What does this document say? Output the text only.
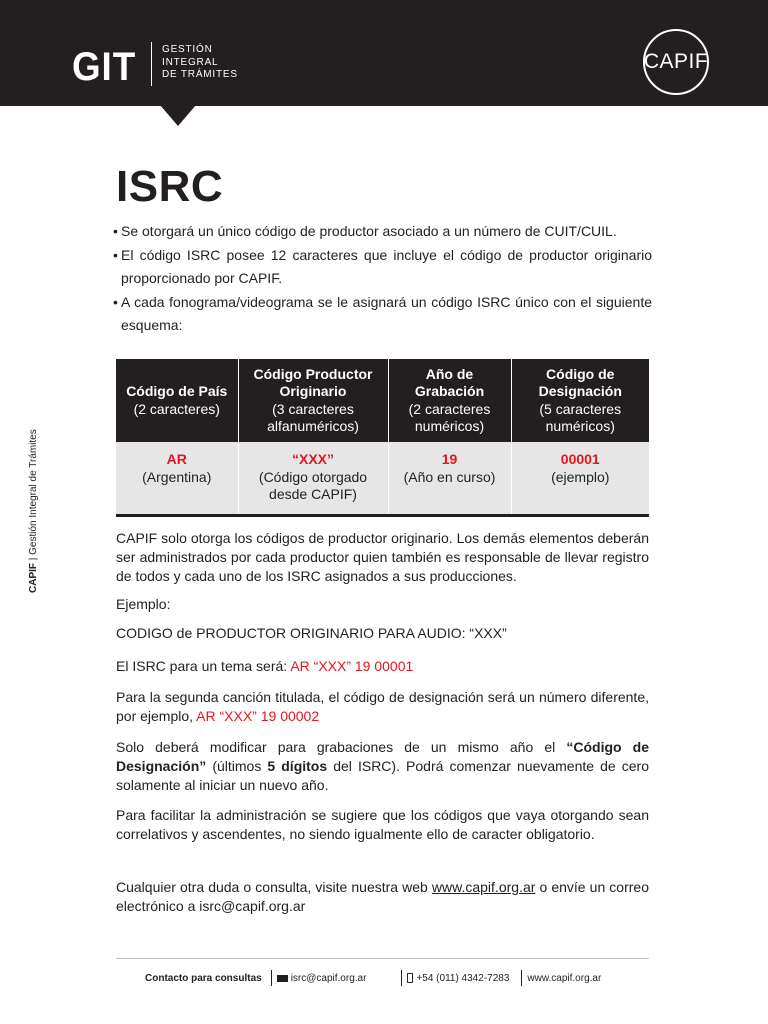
GIT	GESTIÓN
INTEGRAL
DE TRÁMITES
CAPIF
CAPIF | Gestión Integral de Trámites
ISRC
• Se otorgará un único código de productor asociado a un número de CUIT/CUIL.
• El código ISRC posee 12 caracteres que incluye el código de productor originario proporcionado por CAPIF.
• A cada fonograma/videograma se le asignará un código ISRC único con el siguiente esquema:
Código de País
(2 caracteres)	Código Productor Originario
(3 caracteres alfanuméricos)	Año de Grabación
(2 caracteres numéricos)	Código de Designación
(5 caracteres numéricos)

AR
(Argentina)	“XXX”
(Código otorgado desde CAPIF)	19
(Año en curso)	00001
(ejemplo)

CAPIF solo otorga los códigos de productor originario. Los demás elementos deberán ser administrados por cada productor quien también es responsable de llevar registro de todos y cada uno de los ISRC asignados a sus producciones.

Ejemplo:

CODIGO de PRODUCTOR ORIGINARIO PARA AUDIO: “XXX”

El ISRC para un tema será: AR “XXX” 19 00001

Para la segunda canción titulada, el código de designación será un número diferente, por ejemplo, AR “XXX” 19 00002

Solo deberá modificar para grabaciones de un mismo año el “Código de Designación” (últimos 5 dígitos del ISRC). Podrá comenzar nuevamente de cero solamente al iniciar un nuevo año.

Para facilitar la administración se sugiere que los códigos que vaya otorgando sean correlativos y ascendentes, no siendo igualmente ello de caracter obligatorio.

Cualquier otra duda o consulta, visite nuestra web www.capif.org.ar o envíe un correo electrónico a isrc@capif.org.ar

Contacto para consultas	isrc@capif.org.ar	+54 (011) 4342-7283 www.capif.org.ar
